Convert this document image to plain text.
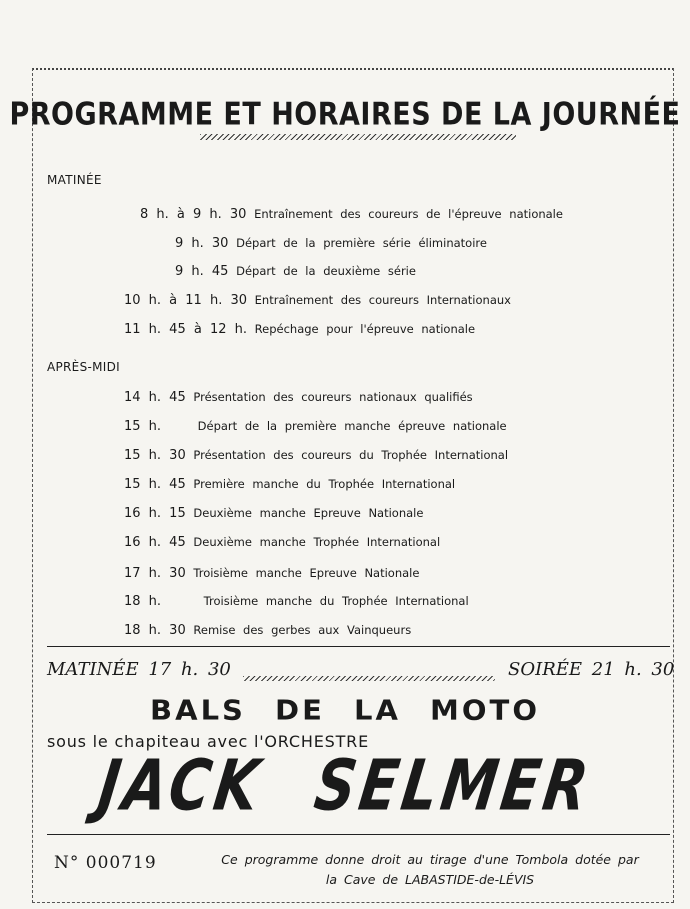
PROGRAMME ET HORAIRES DE LA JOURNÉE
MATINÉE
8 h. à 9 h. 30 Entraînement des coureurs de l'épreuve nationale
9 h. 30 Départ de la première série éliminatoire
9 h. 45 Départ de la deuxième série
10 h. à 11 h. 30 Entraînement des coureurs Internationaux
11 h. 45 à 12 h. Repéchage pour l'épreuve nationale
APRÈS-MIDI
14 h. 45 Présentation des coureurs nationaux qualifiés
15 h.	Départ de la première manche épreuve nationale
15 h. 30 Présentation des coureurs du Trophée International
15 h. 45 Première manche du Trophée International
16 h. 15 Deuxième manche Epreuve Nationale
16 h. 45 Deuxième manche Trophée International
17 h. 30 Troisième manche Epreuve Nationale
18 h.	Troisième manche du Trophée International
18 h. 30 Remise des gerbes aux Vainqueurs
MATINÉE 17 h. 30	SOIRÉE 21 h. 30
BALS DE LA MOTO
sous le chapiteau avec l'ORCHESTRE
JACK SELMER
N° 000719	Ce programme donne droit au tirage d'une Tombola dotée par
la Cave de LABASTIDE-de-LÉVIS
